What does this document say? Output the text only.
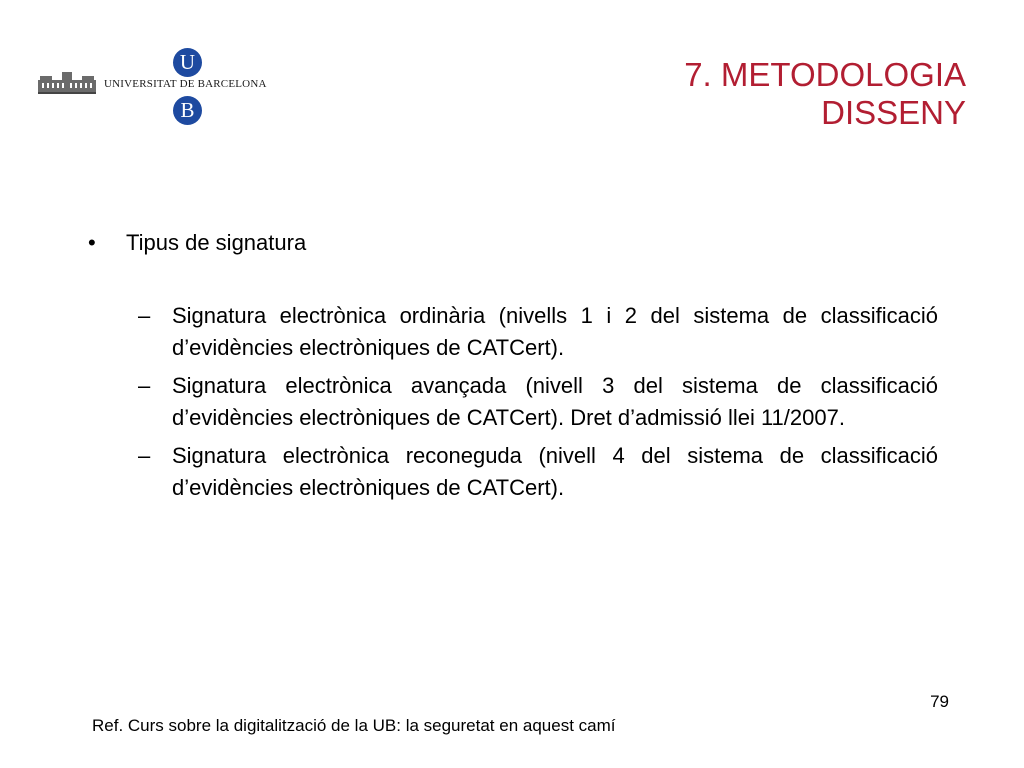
UNIVERSITAT DE BARCELONA
U
B
7. METODOLOGIA
DISSENY
•	Tipus de signatura
– Signatura electrònica ordinària (nivells 1 i 2 del sistema de classificació d’evidències electròniques de CATCert).
– Signatura electrònica avançada (nivell 3 del sistema de classificació d’evidències electròniques de CATCert). Dret d’admissió llei 11/2007.
– Signatura electrònica reconeguda (nivell 4 del sistema de classificació d’evidències electròniques de CATCert).
79
Ref. Curs sobre la digitalització de la UB: la seguretat en aquest camí
